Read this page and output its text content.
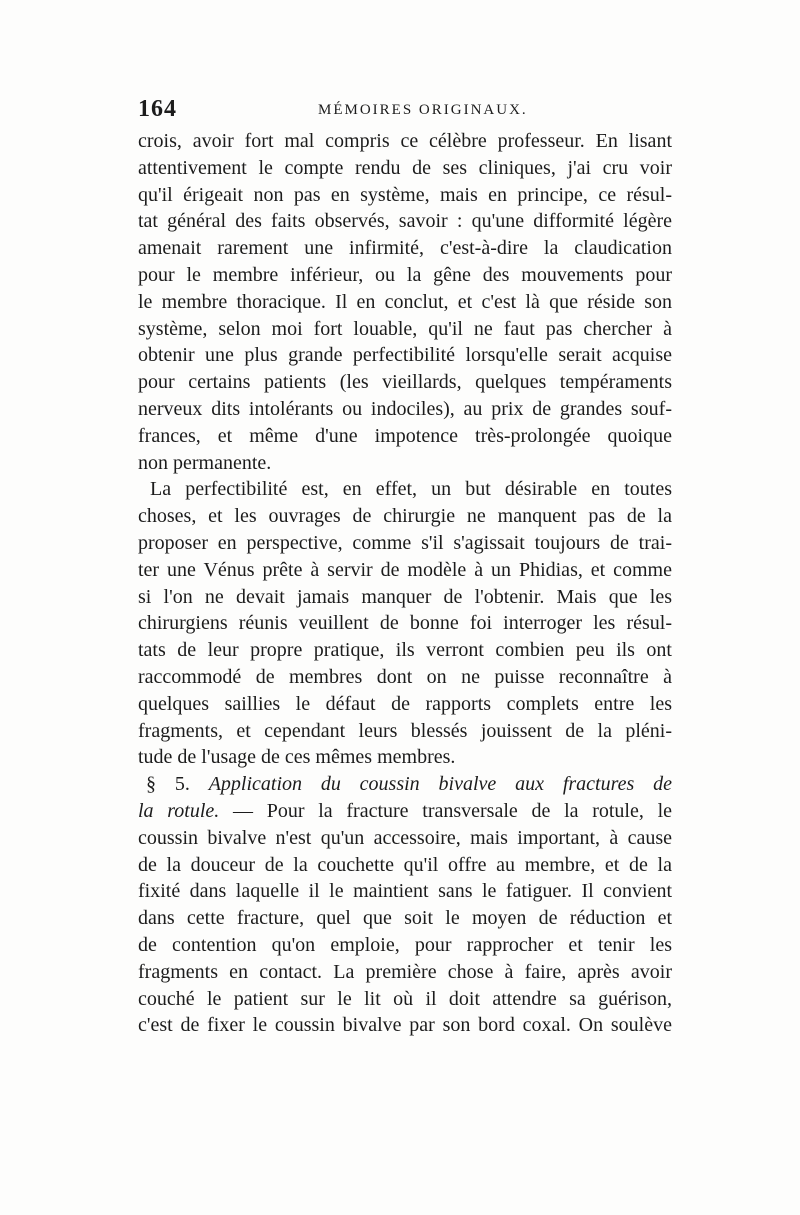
164	MÉMOIRES ORIGINAUX.
crois, avoir fort mal compris ce célèbre professeur. En lisant
attentivement le compte rendu de ses cliniques, j'ai cru voir
qu'il érigeait non pas en système, mais en principe, ce résul-
tat général des faits observés, savoir : qu'une difformité légère
amenait rarement une infirmité, c'est-à-dire la claudication
pour le membre inférieur, ou la gêne des mouvements pour
le membre thoracique. Il en conclut, et c'est là que réside son
système, selon moi fort louable, qu'il ne faut pas chercher à
obtenir une plus grande perfectibilité lorsqu'elle serait acquise
pour certains patients (les vieillards, quelques tempéraments
nerveux dits intolérants ou indociles), au prix de grandes souf-
frances, et même d'une impotence très-prolongée quoique
non permanente.
La perfectibilité est, en effet, un but désirable en toutes
choses, et les ouvrages de chirurgie ne manquent pas de la
proposer en perspective, comme s'il s'agissait toujours de trai-
ter une Vénus prête à servir de modèle à un Phidias, et comme
si l'on ne devait jamais manquer de l'obtenir. Mais que les
chirurgiens réunis veuillent de bonne foi interroger les résul-
tats de leur propre pratique, ils verront combien peu ils ont
raccommodé de membres dont on ne puisse reconnaître à
quelques saillies le défaut de rapports complets entre les
fragments, et cependant leurs blessés jouissent de la pléni-
tude de l'usage de ces mêmes membres.
§ 5. Application du coussin bivalve aux fractures de
la rotule. — Pour la fracture transversale de la rotule, le
coussin bivalve n'est qu'un accessoire, mais important, à cause
de la douceur de la couchette qu'il offre au membre, et de la
fixité dans laquelle il le maintient sans le fatiguer. Il convient
dans cette fracture, quel que soit le moyen de réduction et
de contention qu'on emploie, pour rapprocher et tenir les
fragments en contact. La première chose à faire, après avoir
couché le patient sur le lit où il doit attendre sa guérison,
c'est de fixer le coussin bivalve par son bord coxal. On soulève
